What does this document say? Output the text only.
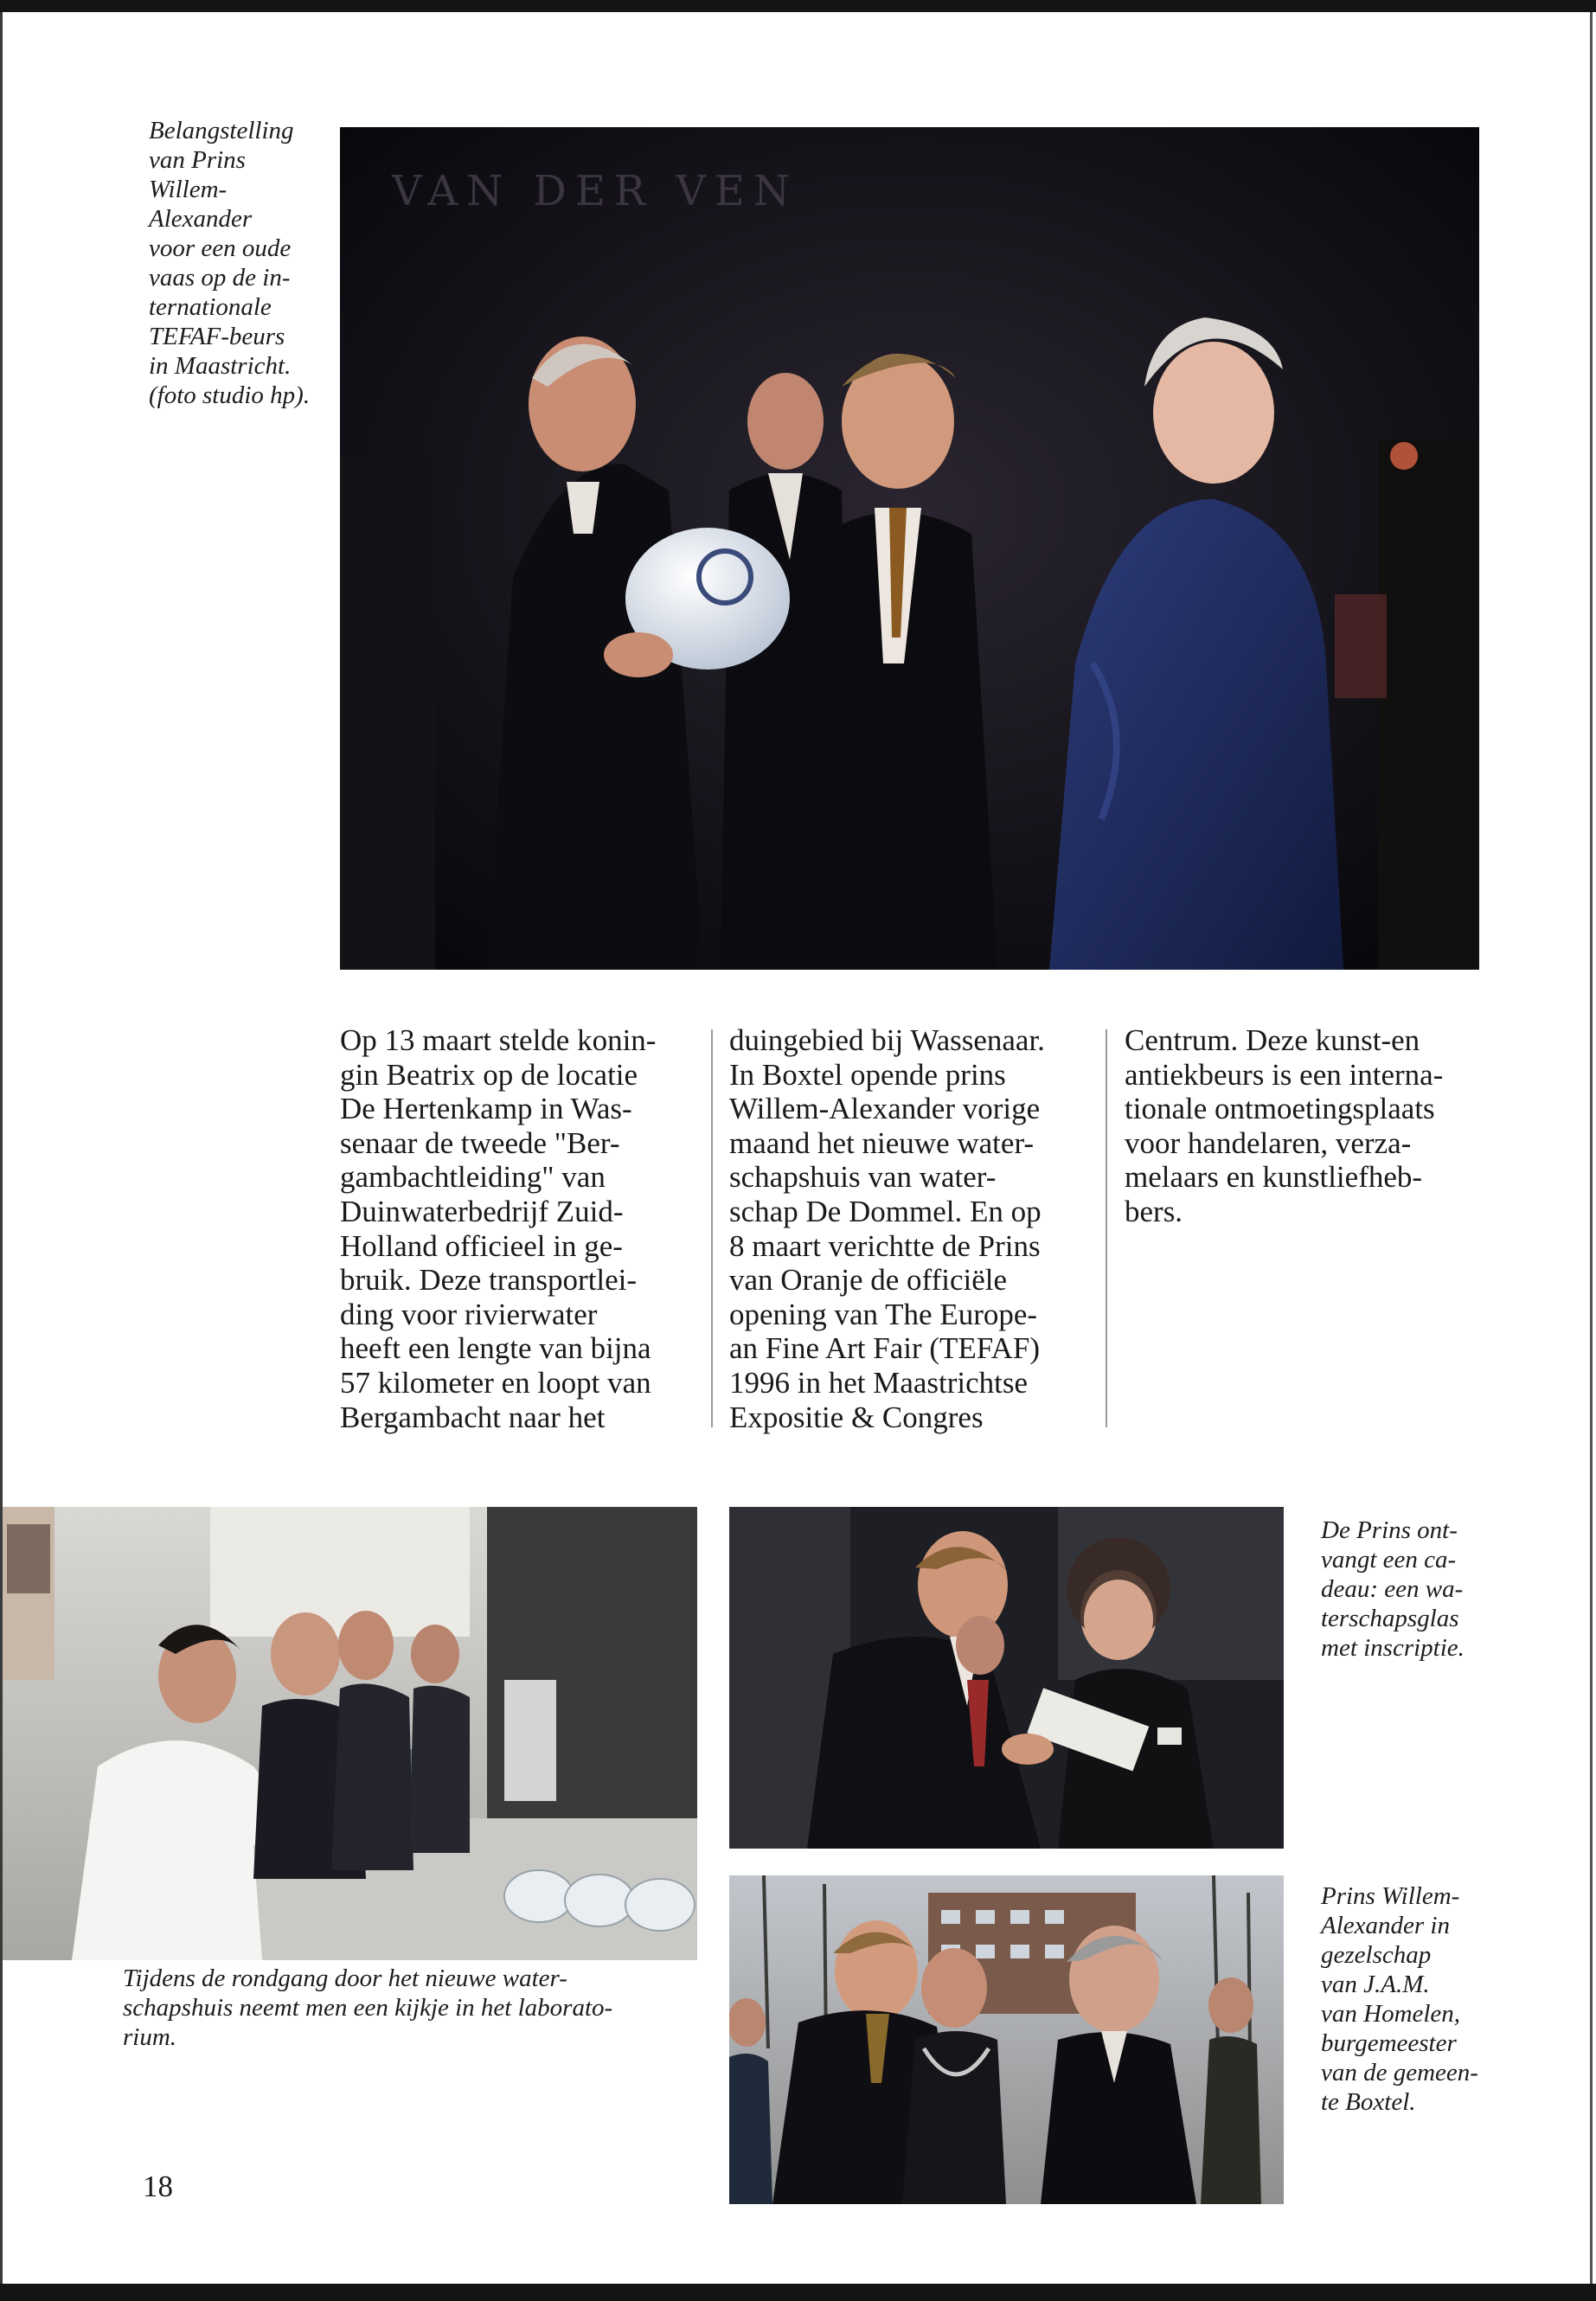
Belangstelling
van Prins
Willem-
Alexander
voor een oude
vaas op de in-
ternationale
TEFAF-beurs
in Maastricht.
(foto studio hp).

VAN DER VEN

Op 13 maart stelde konin-
gin Beatrix op de locatie
De Hertenkamp in Was-
senaar de tweede "Ber-
gambachtleiding" van
Duinwaterbedrijf Zuid-
Holland officieel in ge-
bruik. Deze transportlei-
ding voor rivierwater
heeft een lengte van bijna
57 kilometer en loopt van
Bergambacht naar het

duingebied bij Wassenaar.
In Boxtel opende prins
Willem-Alexander vorige
maand het nieuwe water-
schapshuis van water-
schap De Dommel. En op
8 maart verichtte de Prins
van Oranje de officiële
opening van The Europe-
an Fine Art Fair (TEFAF)
1996 in het Maastrichtse
Expositie & Congres

Centrum. Deze kunst-en
antiekbeurs is een interna-
tionale ontmoetingsplaats
voor handelaren, verza-
melaars en kunstliefheb-
bers.

Tijdens de rondgang door het nieuwe water-
schapshuis neemt men een kijkje in het laborato-
rium.

De Prins ont-
vangt een ca-
deau: een wa-
terschapsglas
met inscriptie.

Prins Willem-
Alexander in
gezelschap
van J.A.M.
van Homelen,
burgemeester
van de gemeen-
te Boxtel.

18
